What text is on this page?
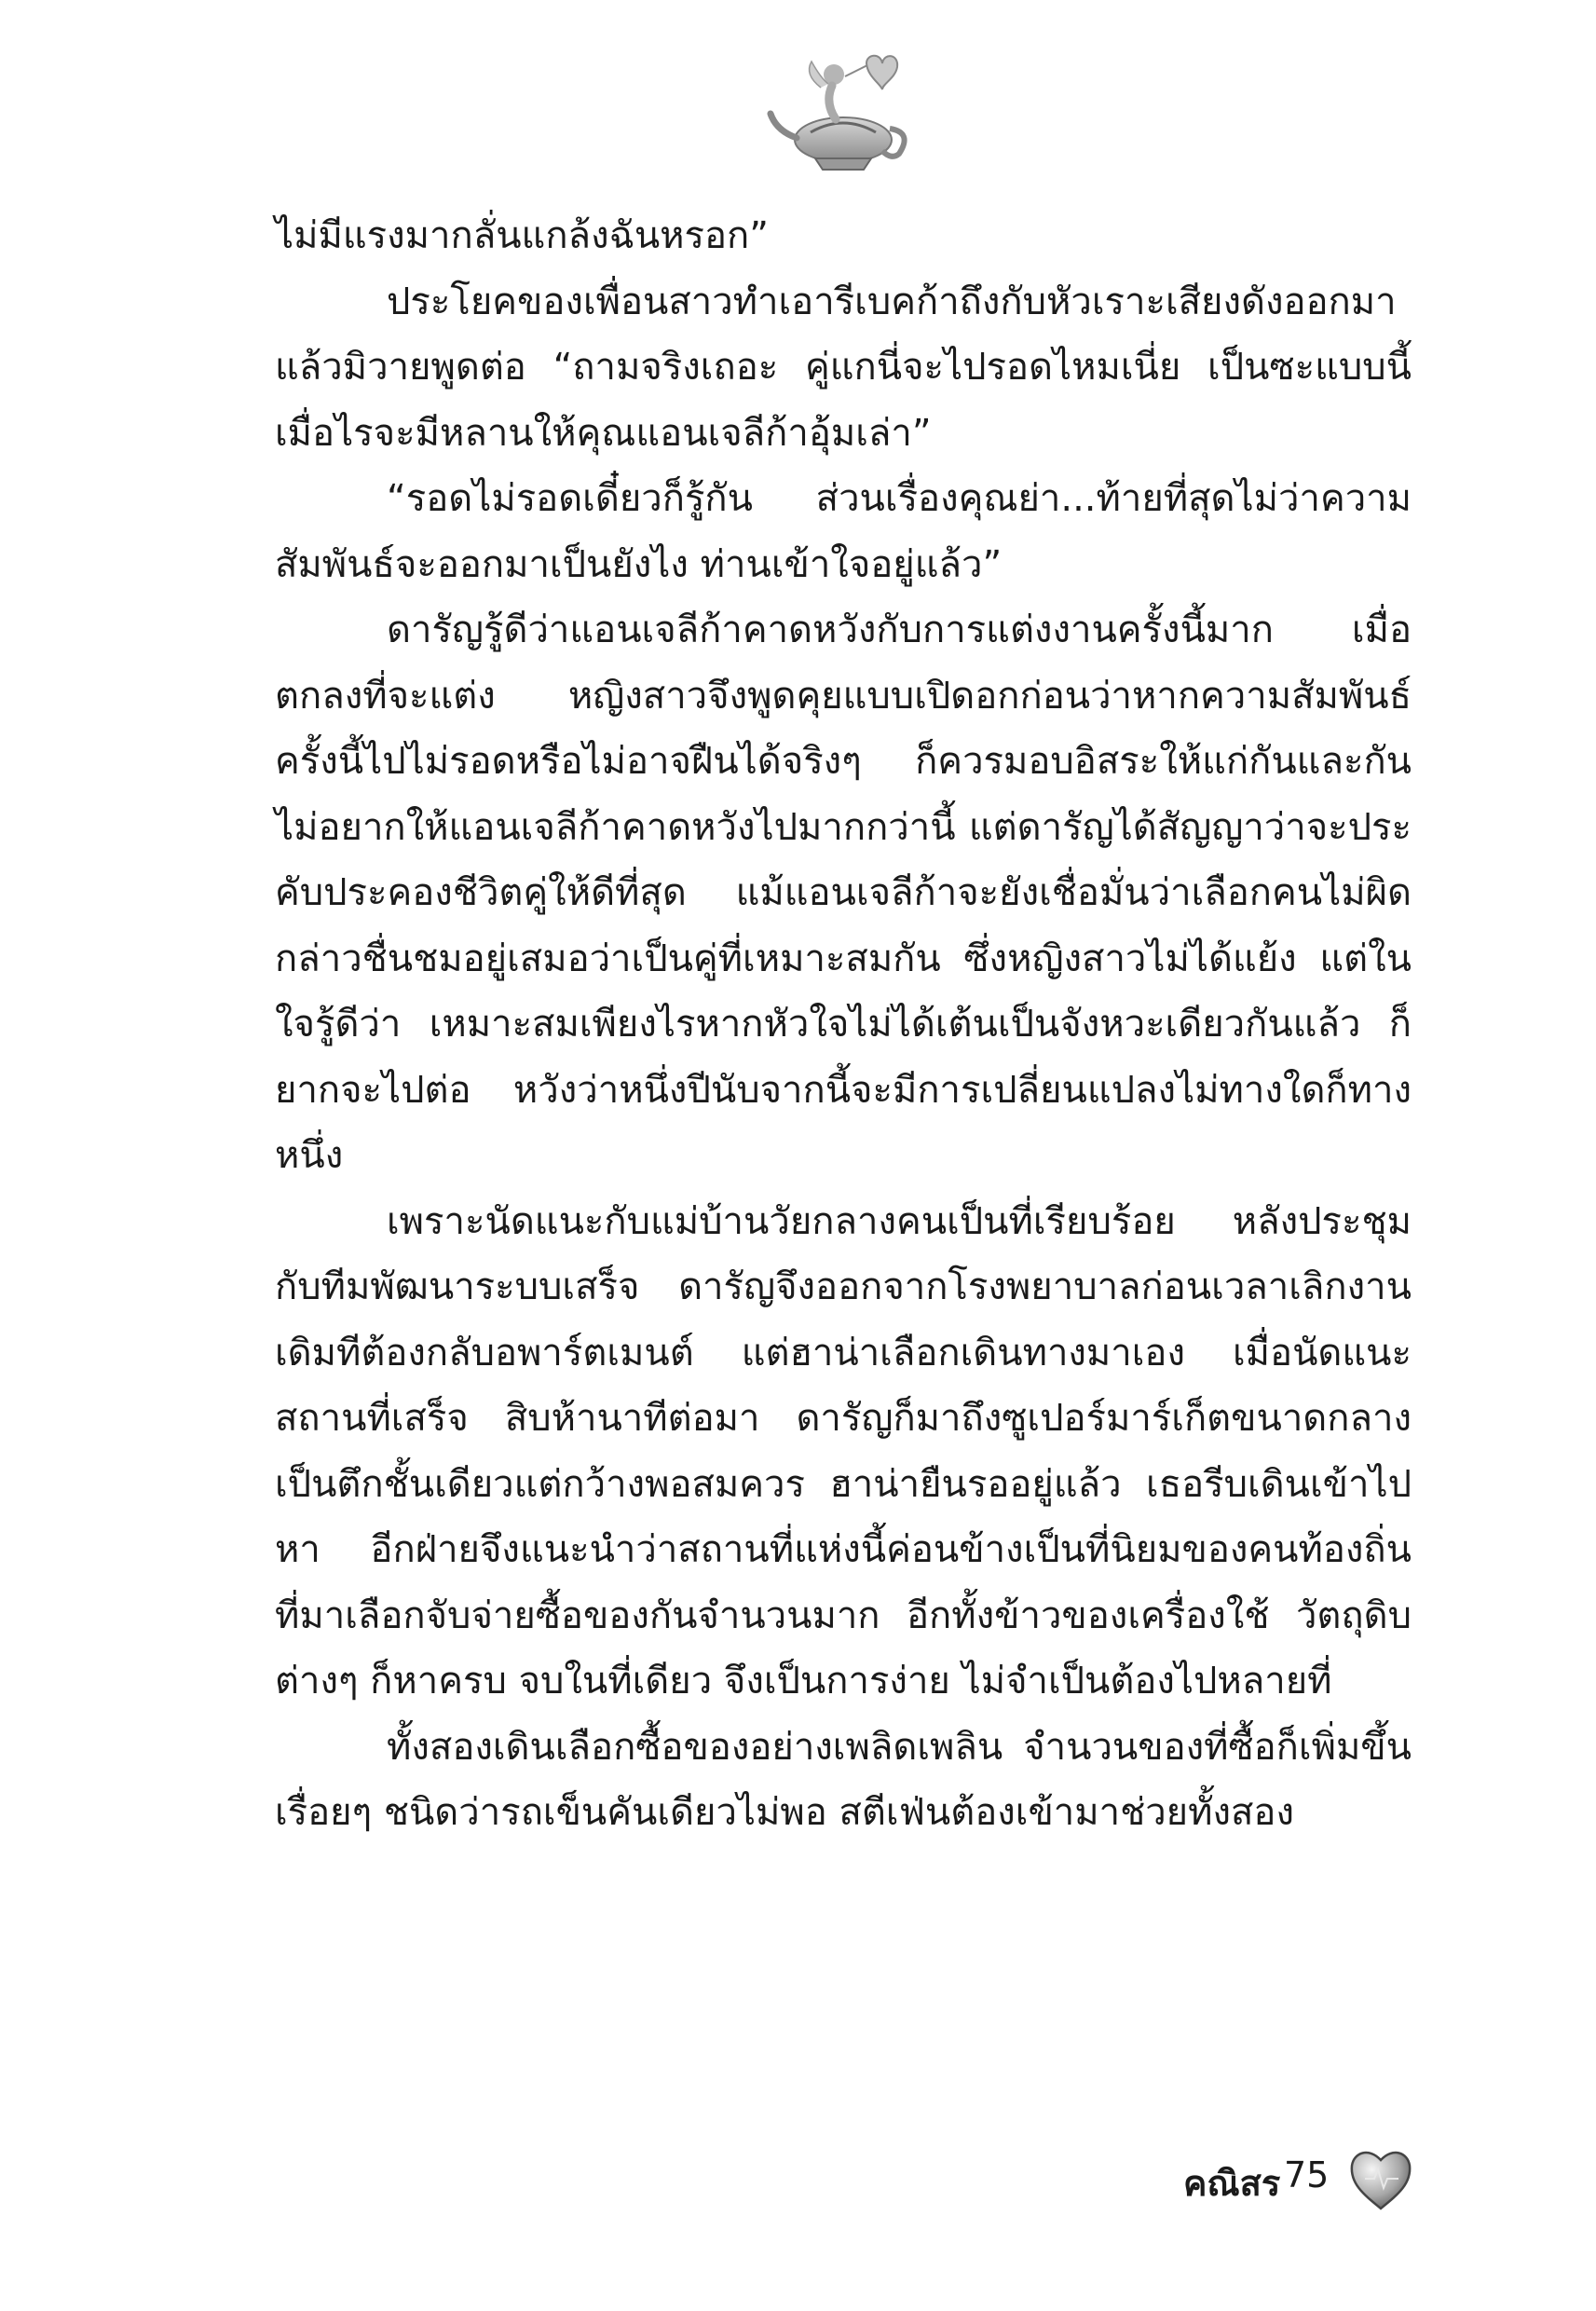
ไม่มีแรงมากลั่นแกล้งฉันหรอก”

ประโยคของเพื่อนสาวทำเอารีเบคก้าถึงกับหัวเราะเสียงดังออกมา แล้วมิวายพูดต่อ “ถามจริงเถอะ คู่แกนี่จะไปรอดไหมเนี่ย เป็นซะแบบนี้ เมื่อไรจะมีหลานให้คุณแอนเจลีก้าอุ้มเล่า”

“รอดไม่รอดเดี๋ยวก็รู้กัน ส่วนเรื่องคุณย่า...ท้ายที่สุดไม่ว่าความสัมพันธ์จะออกมาเป็นยังไง ท่านเข้าใจอยู่แล้ว”

ดารัญรู้ดีว่าแอนเจลีก้าคาดหวังกับการแต่งงานครั้งนี้มาก เมื่อตกลงที่จะแต่ง หญิงสาวจึงพูดคุยแบบเปิดอกก่อนว่าหากความสัมพันธ์ครั้งนี้ไปไม่รอดหรือไม่อาจฝืนได้จริงๆ ก็ควรมอบอิสระให้แก่กันและกัน ไม่อยากให้แอนเจลีก้าคาดหวังไปมากกว่านี้ แต่ดารัญได้สัญญาว่าจะประคับประคองชีวิตคู่ให้ดีที่สุด แม้แอนเจลีก้าจะยังเชื่อมั่นว่าเลือกคนไม่ผิด กล่าวชื่นชมอยู่เสมอว่าเป็นคู่ที่เหมาะสมกัน ซึ่งหญิงสาวไม่ได้แย้ง แต่ในใจรู้ดีว่า เหมาะสมเพียงไรหากหัวใจไม่ได้เต้นเป็นจังหวะเดียวกันแล้ว ก็ยากจะไปต่อ หวังว่าหนึ่งปีนับจากนี้จะมีการเปลี่ยนแปลงไม่ทางใดก็ทางหนึ่ง

เพราะนัดแนะกับแม่บ้านวัยกลางคนเป็นที่เรียบร้อย หลังประชุมกับทีมพัฒนาระบบเสร็จ ดารัญจึงออกจากโรงพยาบาลก่อนเวลาเลิกงาน เดิมทีต้องกลับอพาร์ตเมนต์ แต่ฮาน่าเลือกเดินทางมาเอง เมื่อนัดแนะสถานที่เสร็จ สิบห้านาทีต่อมา ดารัญก็มาถึงซูเปอร์มาร์เก็ตขนาดกลางเป็นตึกชั้นเดียวแต่กว้างพอสมควร ฮาน่ายืนรออยู่แล้ว เธอรีบเดินเข้าไปหา อีกฝ่ายจึงแนะนำว่าสถานที่แห่งนี้ค่อนข้างเป็นที่นิยมของคนท้องถิ่นที่มาเลือกจับจ่ายซื้อของกันจำนวนมาก อีกทั้งข้าวของเครื่องใช้ วัตถุดิบต่างๆ ก็หาครบ จบในที่เดียว จึงเป็นการง่าย ไม่จำเป็นต้องไปหลายที่

ทั้งสองเดินเลือกซื้อของอย่างเพลิดเพลิน จำนวนของที่ซื้อก็เพิ่มขึ้นเรื่อยๆ ชนิดว่ารถเข็นคันเดียวไม่พอ สตีเฟ่นต้องเข้ามาช่วยทั้งสอง

คณิสร 75
